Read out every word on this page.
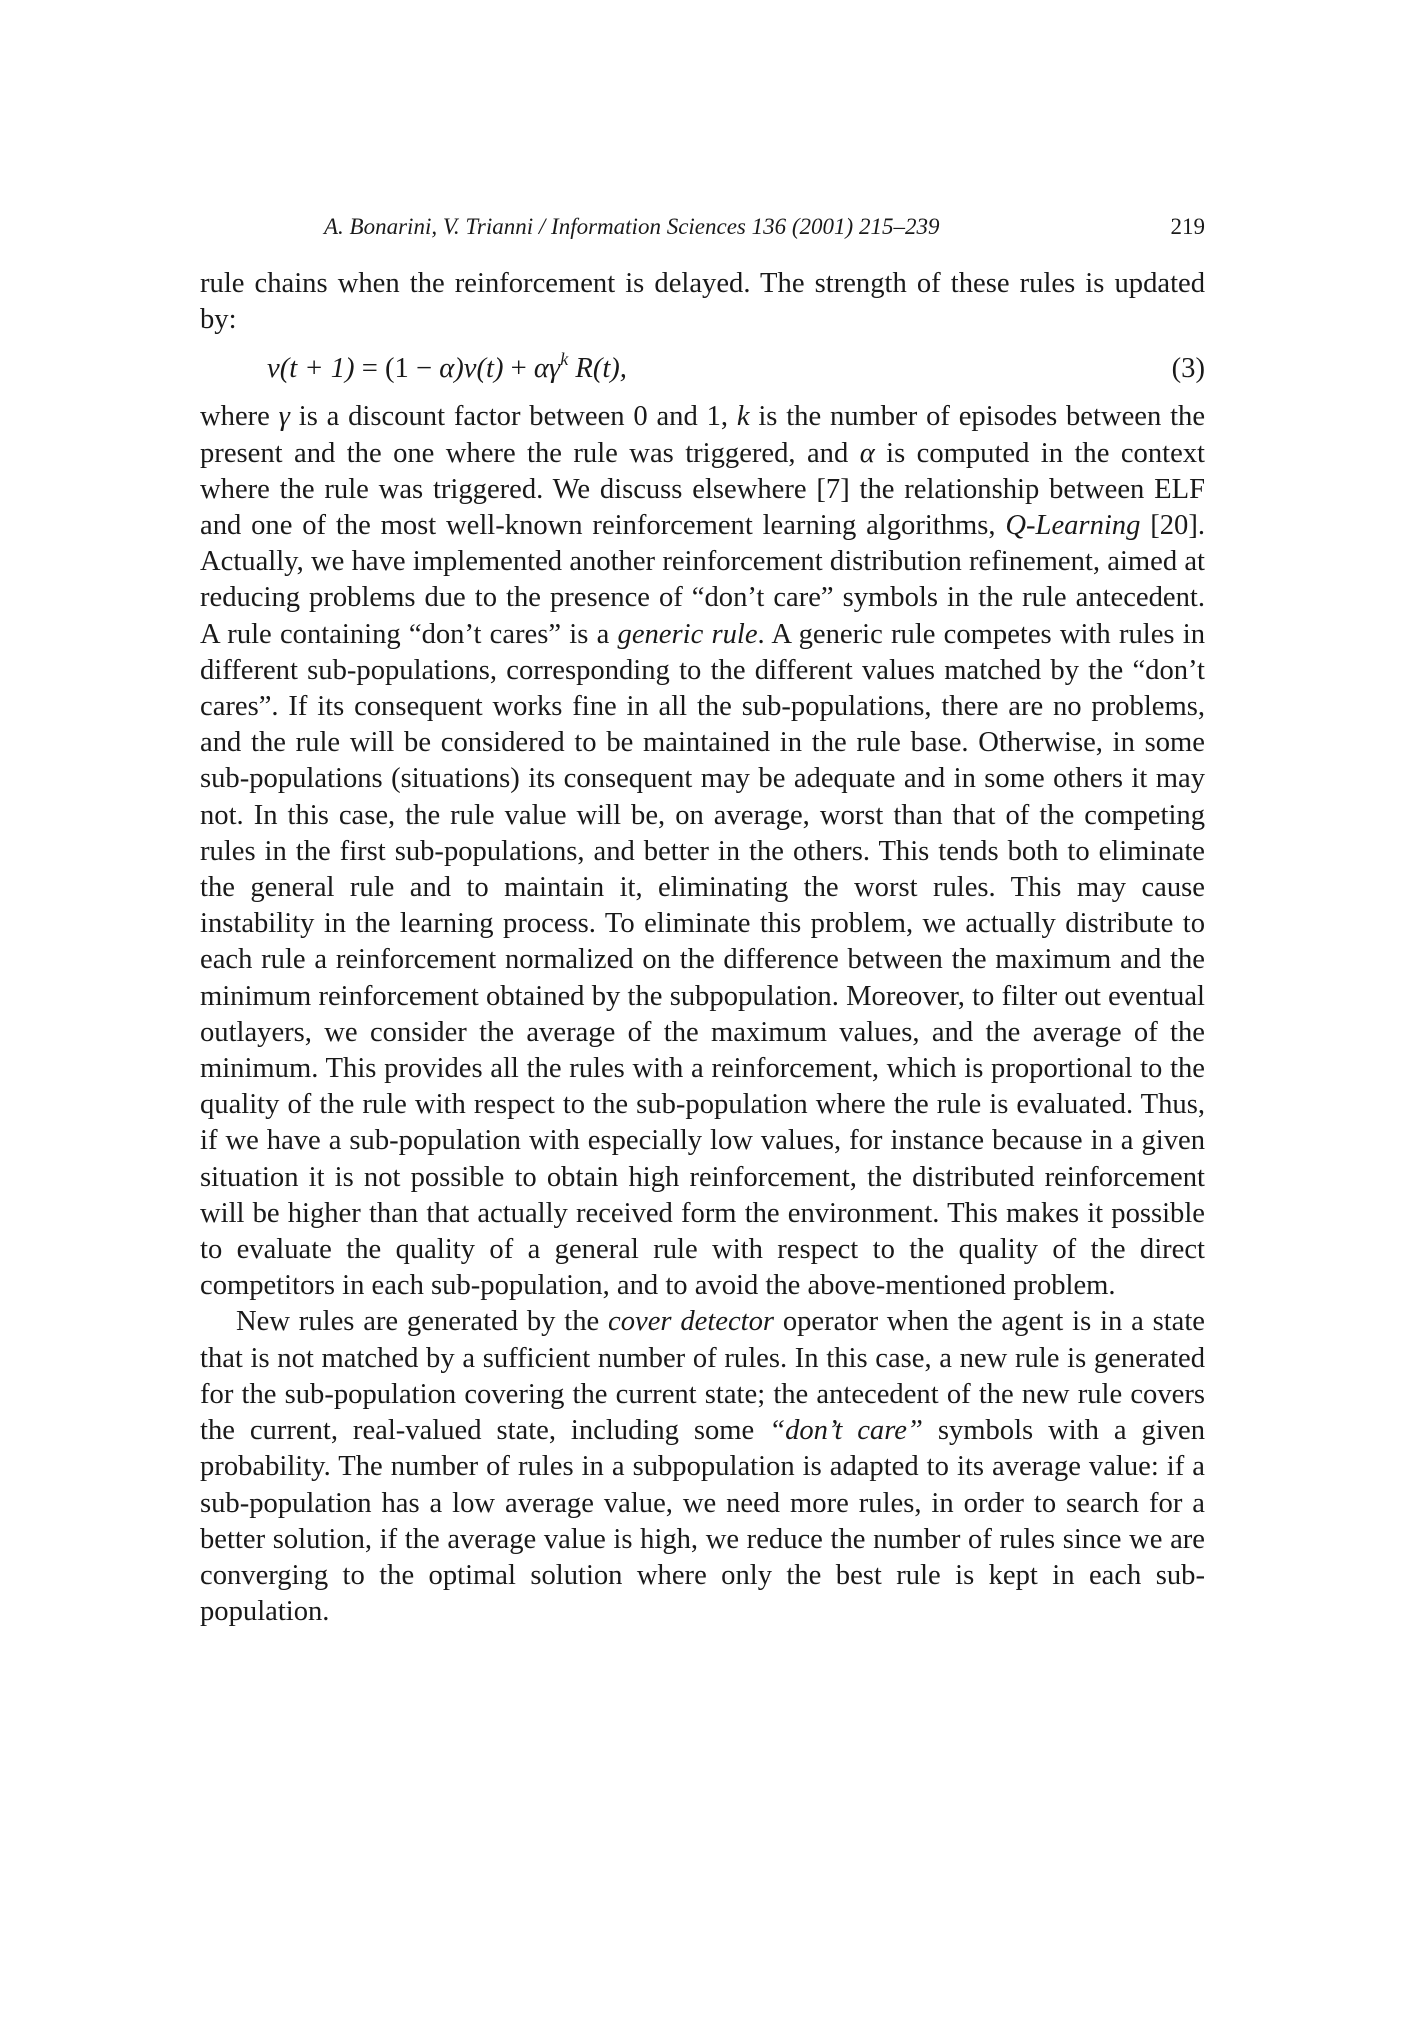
A. Bonarini, V. Trianni / Information Sciences 136 (2001) 215–239	219

rule chains when the reinforcement is delayed. The strength of these rules is updated by:

$v(t + 1) = (1 - \alpha)v(t) + \alpha\gamma^k$ R(t),	(3)

where γ is a discount factor between 0 and 1, k is the number of episodes between the present and the one where the rule was triggered, and α is computed in the context where the rule was triggered. We discuss elsewhere [7] the relationship between ELF and one of the most well-known reinforcement learning algorithms, Q-Learning [20]. Actually, we have implemented another reinforcement distribution refinement, aimed at reducing problems due to the presence of “don’t care” symbols in the rule antecedent. A rule containing “don’t cares” is a generic rule. A generic rule competes with rules in different sub-populations, corresponding to the different values matched by the “don’t cares”. If its consequent works fine in all the sub-populations, there are no problems, and the rule will be considered to be maintained in the rule base. Otherwise, in some sub-populations (situations) its consequent may be adequate and in some others it may not. In this case, the rule value will be, on average, worst than that of the competing rules in the first sub-populations, and better in the others. This tends both to eliminate the general rule and to maintain it, eliminating the worst rules. This may cause instability in the learning process. To eliminate this problem, we actually distribute to each rule a reinforcement normalized on the difference between the maximum and the minimum reinforcement obtained by the subpopulation. Moreover, to filter out eventual outlayers, we consider the average of the maximum values, and the average of the minimum. This provides all the rules with a reinforcement, which is proportional to the quality of the rule with respect to the sub-population where the rule is evaluated. Thus, if we have a sub-population with especially low values, for instance because in a given situation it is not possible to obtain high reinforcement, the distributed reinforcement will be higher than that actually received form the environment. This makes it possible to evaluate the quality of a general rule with respect to the quality of the direct competitors in each sub-population, and to avoid the above-mentioned problem.

New rules are generated by the cover detector operator when the agent is in a state that is not matched by a sufficient number of rules. In this case, a new rule is generated for the sub-population covering the current state; the antecedent of the new rule covers the current, real-valued state, including some “don’t care” symbols with a given probability. The number of rules in a subpopulation is adapted to its average value: if a sub-population has a low average value, we need more rules, in order to search for a better solution, if the average value is high, we reduce the number of rules since we are converging to the optimal solution where only the best rule is kept in each subpopulation.
